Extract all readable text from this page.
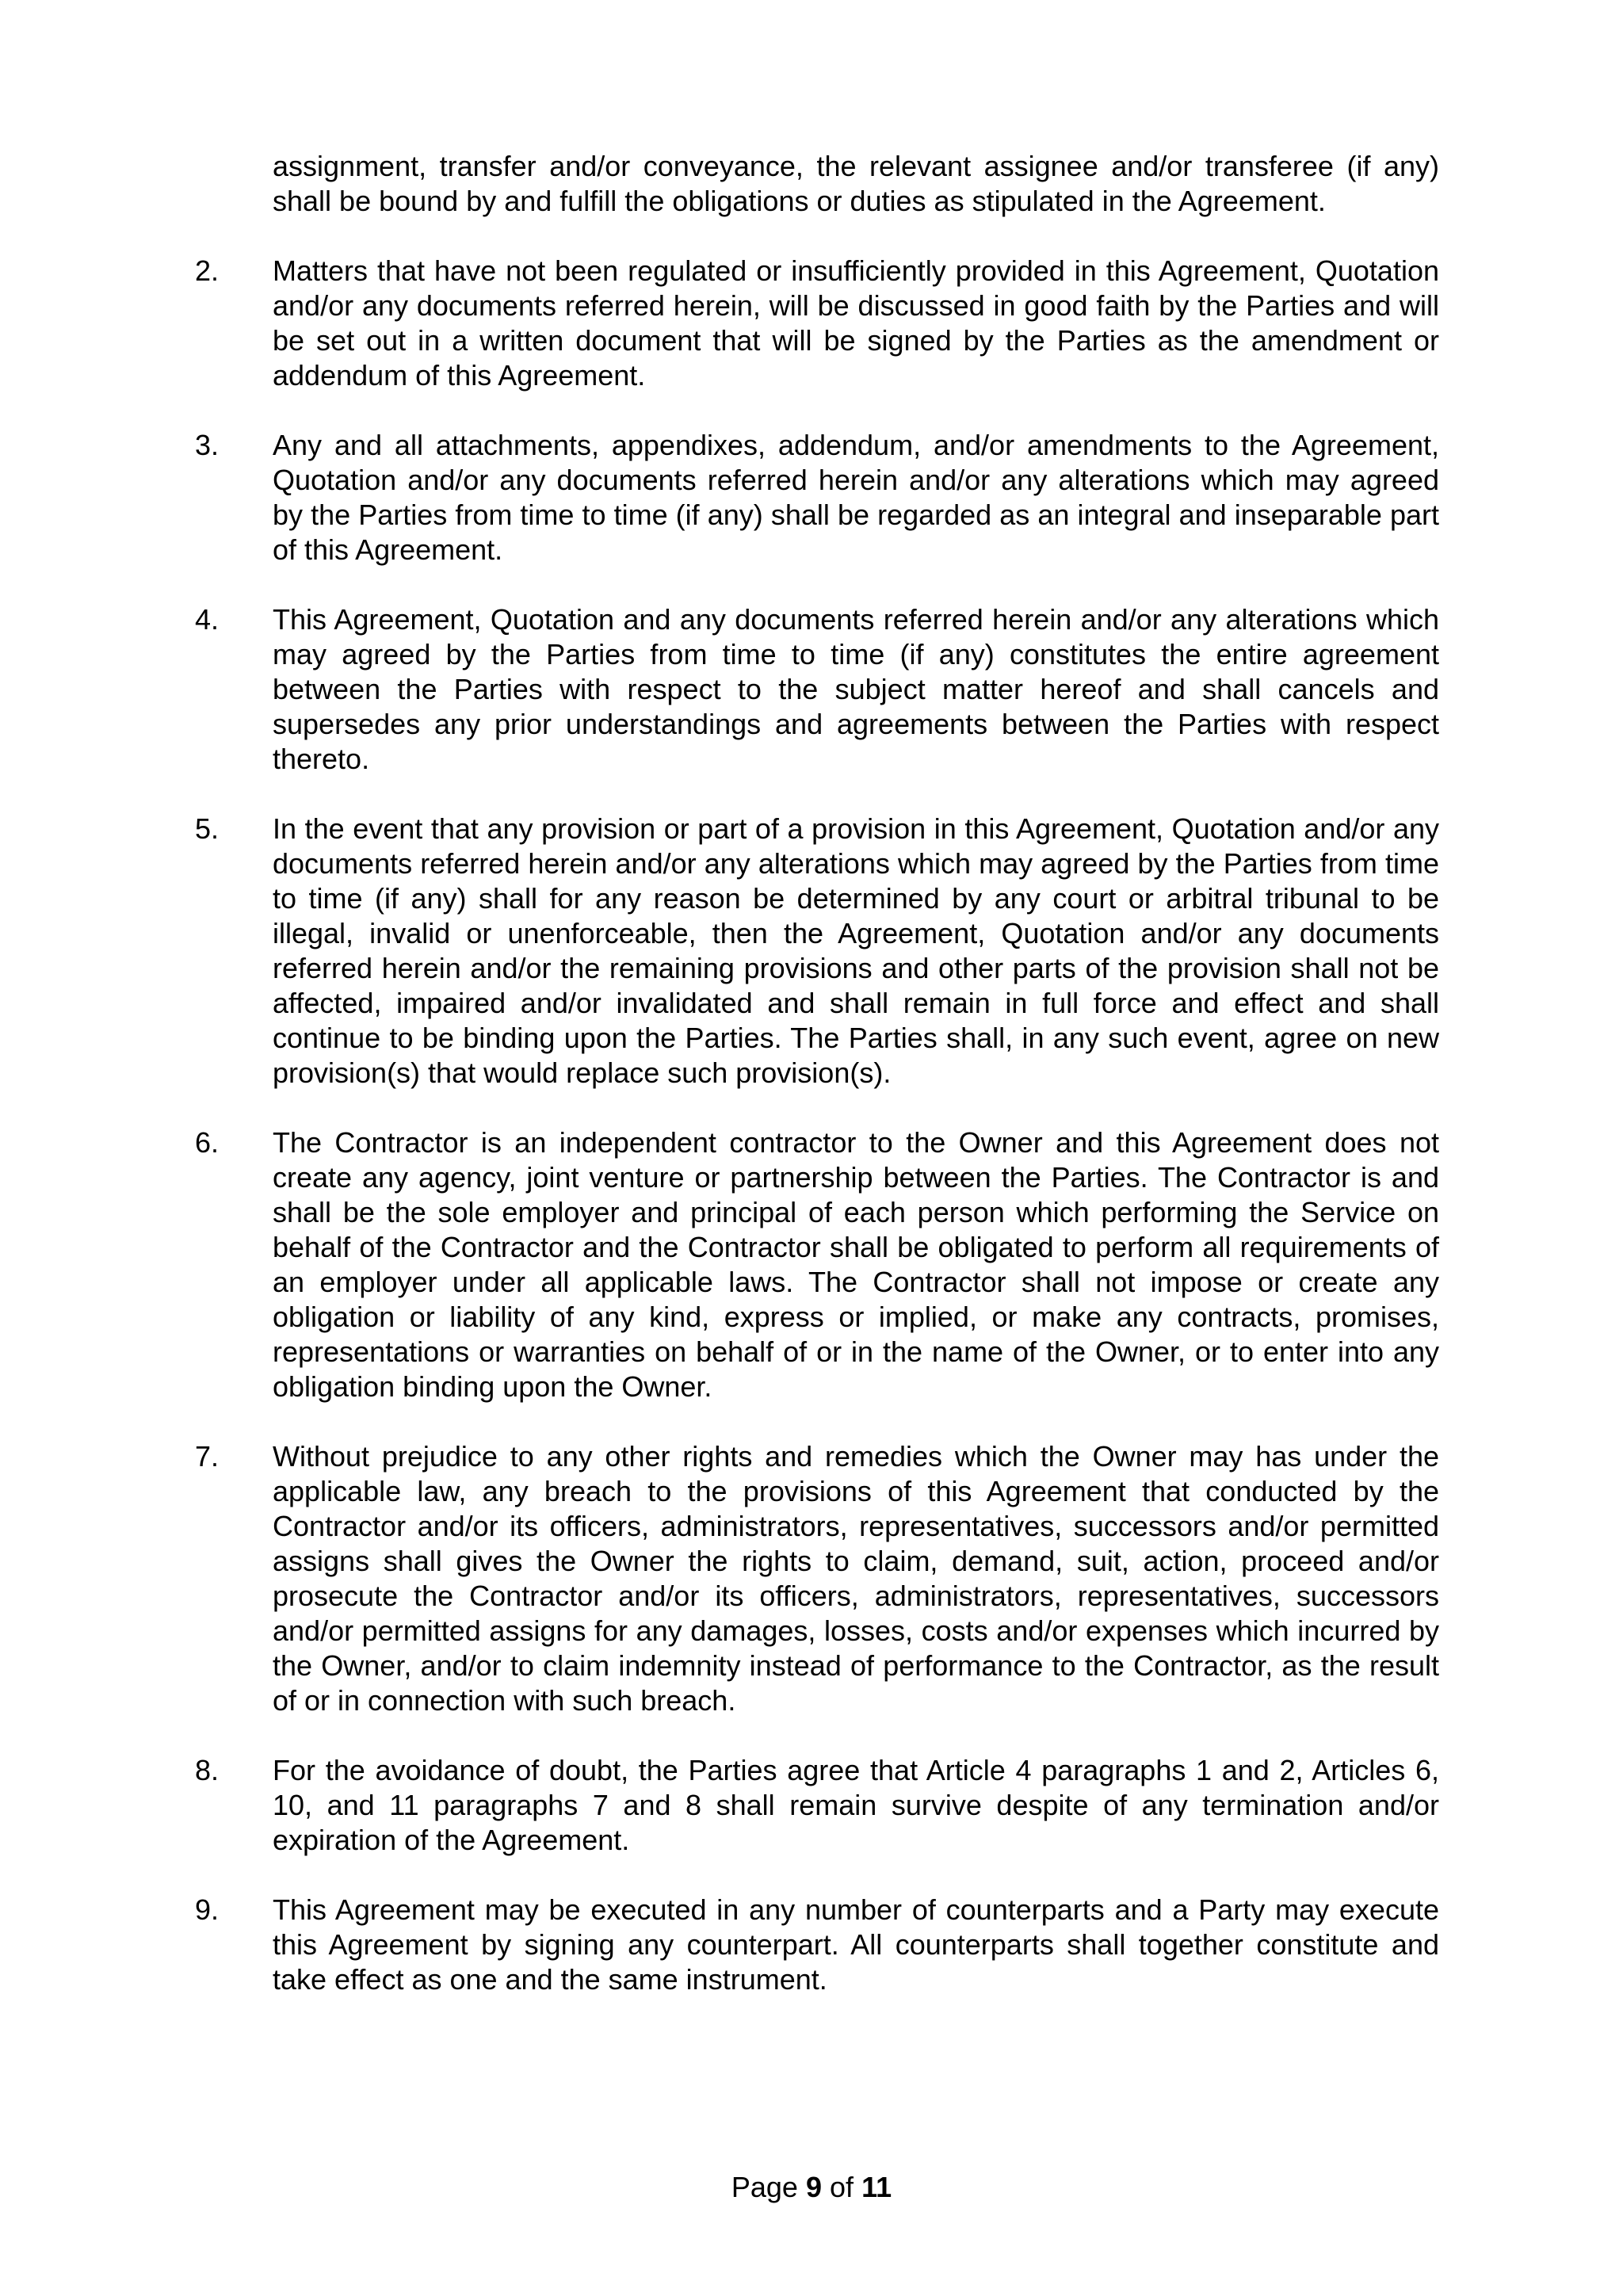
assignment, transfer and/or conveyance, the relevant assignee and/or transferee (if any) shall be bound by and fulfill the obligations or duties as stipulated in the Agreement.
2.	Matters that have not been regulated or insufficiently provided in this Agreement, Quotation and/or any documents referred herein, will be discussed in good faith by the Parties and will be set out in a written document that will be signed by the Parties as the amendment or addendum of this Agreement.
3.	Any and all attachments, appendixes, addendum, and/or amendments to the Agreement, Quotation and/or any documents referred herein and/or any alterations which may agreed by the Parties from time to time (if any) shall be regarded as an integral and inseparable part of this Agreement.
4.	This Agreement, Quotation and any documents referred herein and/or any alterations which may agreed by the Parties from time to time (if any) constitutes the entire agreement between the Parties with respect to the subject matter hereof and shall cancels and supersedes any prior understandings and agreements between the Parties with respect thereto.
5.	In the event that any provision or part of a provision in this Agreement, Quotation and/or any documents referred herein and/or any alterations which may agreed by the Parties from time to time (if any) shall for any reason be determined by any court or arbitral tribunal to be illegal, invalid or unenforceable, then the Agreement, Quotation and/or any documents referred herein and/or the remaining provisions and other parts of the provision shall not be affected, impaired and/or invalidated and shall remain in full force and effect and shall continue to be binding upon the Parties. The Parties shall, in any such event, agree on new provision(s) that would replace such provision(s).
6.	The Contractor is an independent contractor to the Owner and this Agreement does not create any agency, joint venture or partnership between the Parties. The Contractor is and shall be the sole employer and principal of each person which performing the Service on behalf of the Contractor and the Contractor shall be obligated to perform all requirements of an employer under all applicable laws. The Contractor shall not impose or create any obligation or liability of any kind, express or implied, or make any contracts, promises, representations or warranties on behalf of or in the name of the Owner, or to enter into any obligation binding upon the Owner.
7.	Without prejudice to any other rights and remedies which the Owner may has under the applicable law, any breach to the provisions of this Agreement that conducted by the Contractor and/or its officers, administrators, representatives, successors and/or permitted assigns shall gives the Owner the rights to claim, demand, suit, action, proceed and/or prosecute the Contractor and/or its officers, administrators, representatives, successors and/or permitted assigns for any damages, losses, costs and/or expenses which incurred by the Owner, and/or to claim indemnity instead of performance to the Contractor, as the result of or in connection with such breach.
8.	For the avoidance of doubt, the Parties agree that Article 4 paragraphs 1 and 2, Articles 6, 10, and 11 paragraphs 7 and 8 shall remain survive despite of any termination and/or expiration of the Agreement.
9.	This Agreement may be executed in any number of counterparts and a Party may execute this Agreement by signing any counterpart. All counterparts shall together constitute and take effect as one and the same instrument.
Page 9 of 11
